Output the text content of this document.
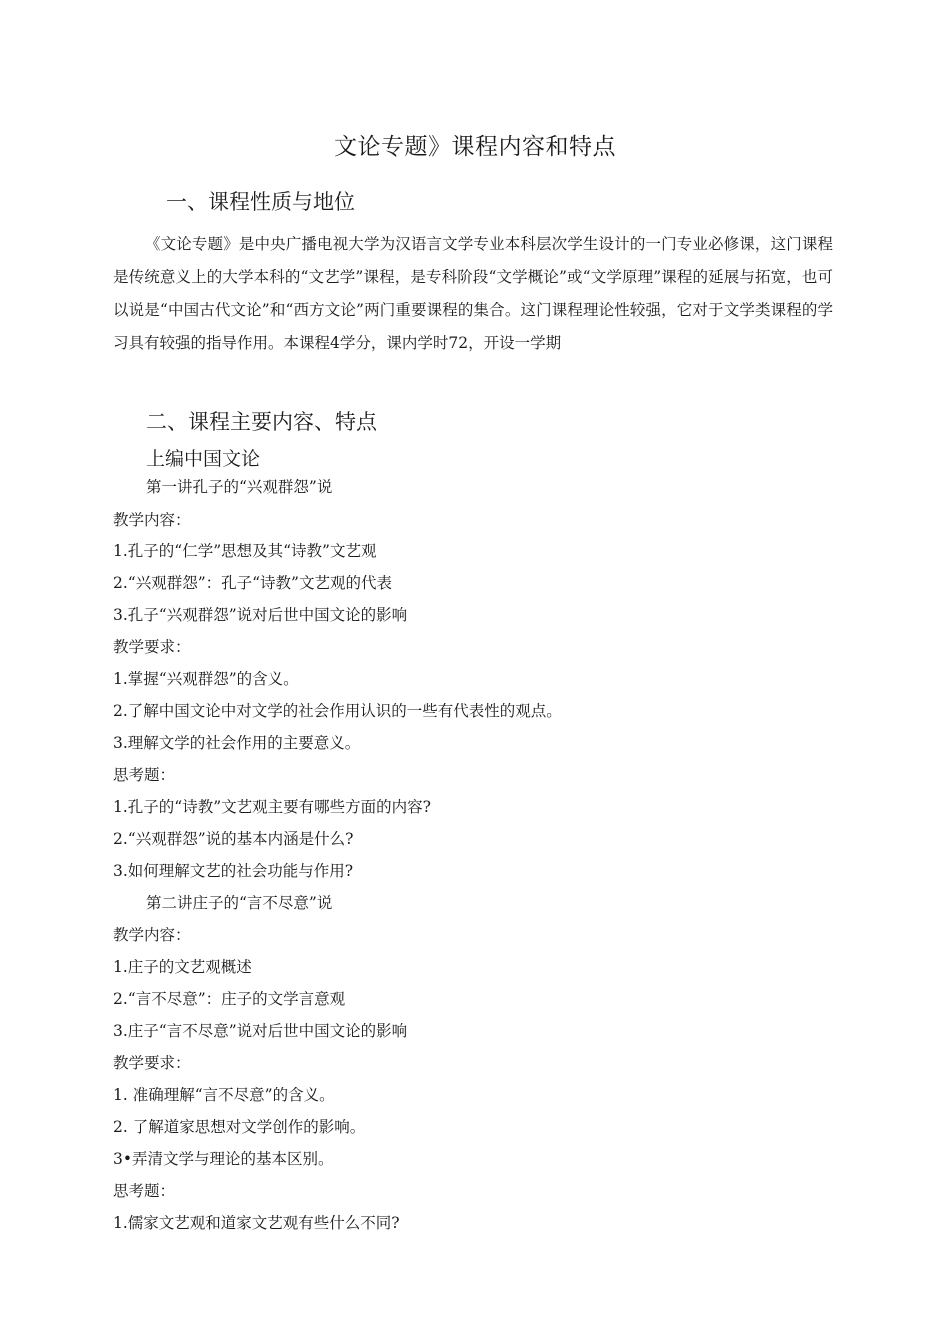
文论专题》课程内容和特点
一、课程性质与地位
《文论专题》是中央广播电视大学为汉语言文学专业本科层次学生设计的一门专业必修课，这门课程是传统意义上的大学本科的“文艺学”课程，是专科阶段“文学概论”或“文学原理”课程的延展与拓宽，也可以说是“中国古代文论”和“西方文论”两门重要课程的集合。这门课程理论性较强，它对于文学类课程的学习具有较强的指导作用。本课程4学分，课内学时72，开设一学期
二、课程主要内容、特点
上编中国文论
第一讲孔子的“兴观群怨”说
教学内容：
1.孔子的“仁学”思想及其“诗教”文艺观
2.“兴观群怨”：孔子“诗教”文艺观的代表
3.孔子“兴观群怨”说对后世中国文论的影响
教学要求：
1.掌握“兴观群怨”的含义。
2.了解中国文论中对文学的社会作用认识的一些有代表性的观点。
3.理解文学的社会作用的主要意义。
思考题：
1.孔子的“诗教”文艺观主要有哪些方面的内容?
2.“兴观群怨”说的基本内涵是什么?
3.如何理解文艺的社会功能与作用?
第二讲庄子的“言不尽意”说
教学内容：
1.庄子的文艺观概述
2.“言不尽意”：庄子的文学言意观
3.庄子“言不尽意”说对后世中国文论的影响
教学要求：
1. 准确理解“言不尽意”的含义。
2. 了解道家思想对文学创作的影响。
3•弄清文学与理论的基本区别。
思考题：
1.儒家文艺观和道家文艺观有些什么不同?
